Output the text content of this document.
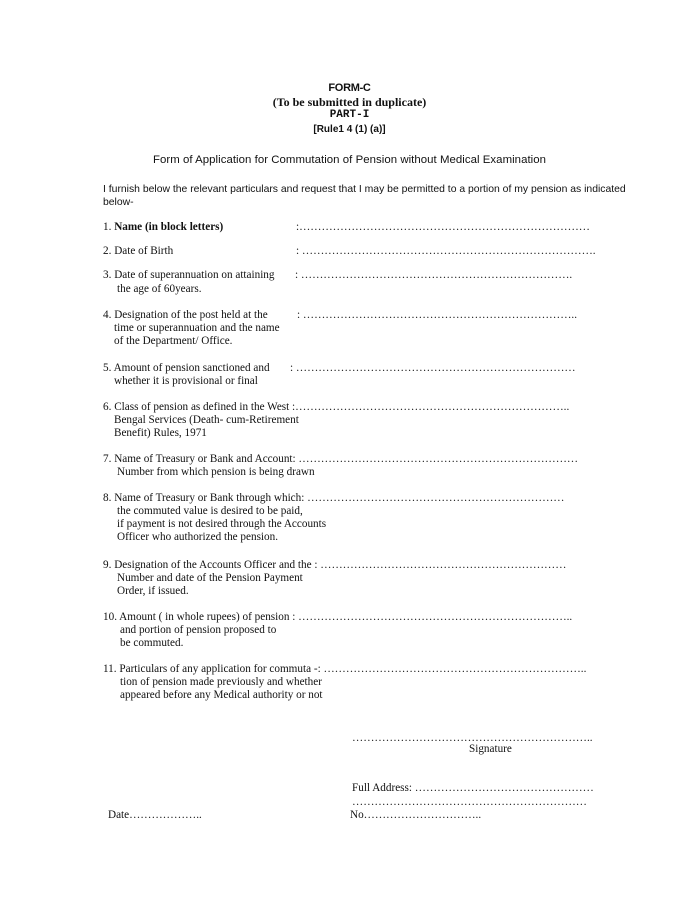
FORM-C
(To be submitted in duplicate)
PART-I
[Rule1 4 (1) (a)]
Form of Application for Commutation of Pension without Medical Examination
I furnish below the relevant particulars and request that I may be permitted to a portion of my pension as indicated below-
1. Name (in block letters)	:……………………………………………………………………
2. Date of Birth	: …………………………………………………………………….
3. Date of superannuation on attaining
the age of 60years.
: ……………………………………………………………….
4. Designation of the post held at the
time or superannuation and the name
of the Department/ Office.
: ………………………………………………………………..
5. Amount of pension sanctioned and
whether it is provisional or final
: …………………………………………………………………
6. Class of pension as defined in the West :………………………………………………………………..
Bengal Services (Death- cum-Retirement
Benefit) Rules, 1971
7. Name of Treasury or Bank and Account: …………………………………………………………………
Number from which pension is being drawn
8. Name of Treasury or Bank through which: ……………………………………………………………
the commuted value is desired to be paid,
if payment is not desired through the Accounts
Officer who authorized the pension.
9. Designation of the Accounts Officer and the : …………………………………………………………
Number and date of the Pension Payment
Order, if issued.
10. Amount ( in whole rupees) of pension : ………………………………………………………………..
and portion of pension proposed to
be commuted.
11. Particulars of any application for commuta -: ……………………………………………………………..
tion of pension made previously and whether
appeared before any Medical authority or not
………………………………………………………..
Signature
Full Address: …………………………………………
………………………………………………………
No…………………………..
Date………………..
